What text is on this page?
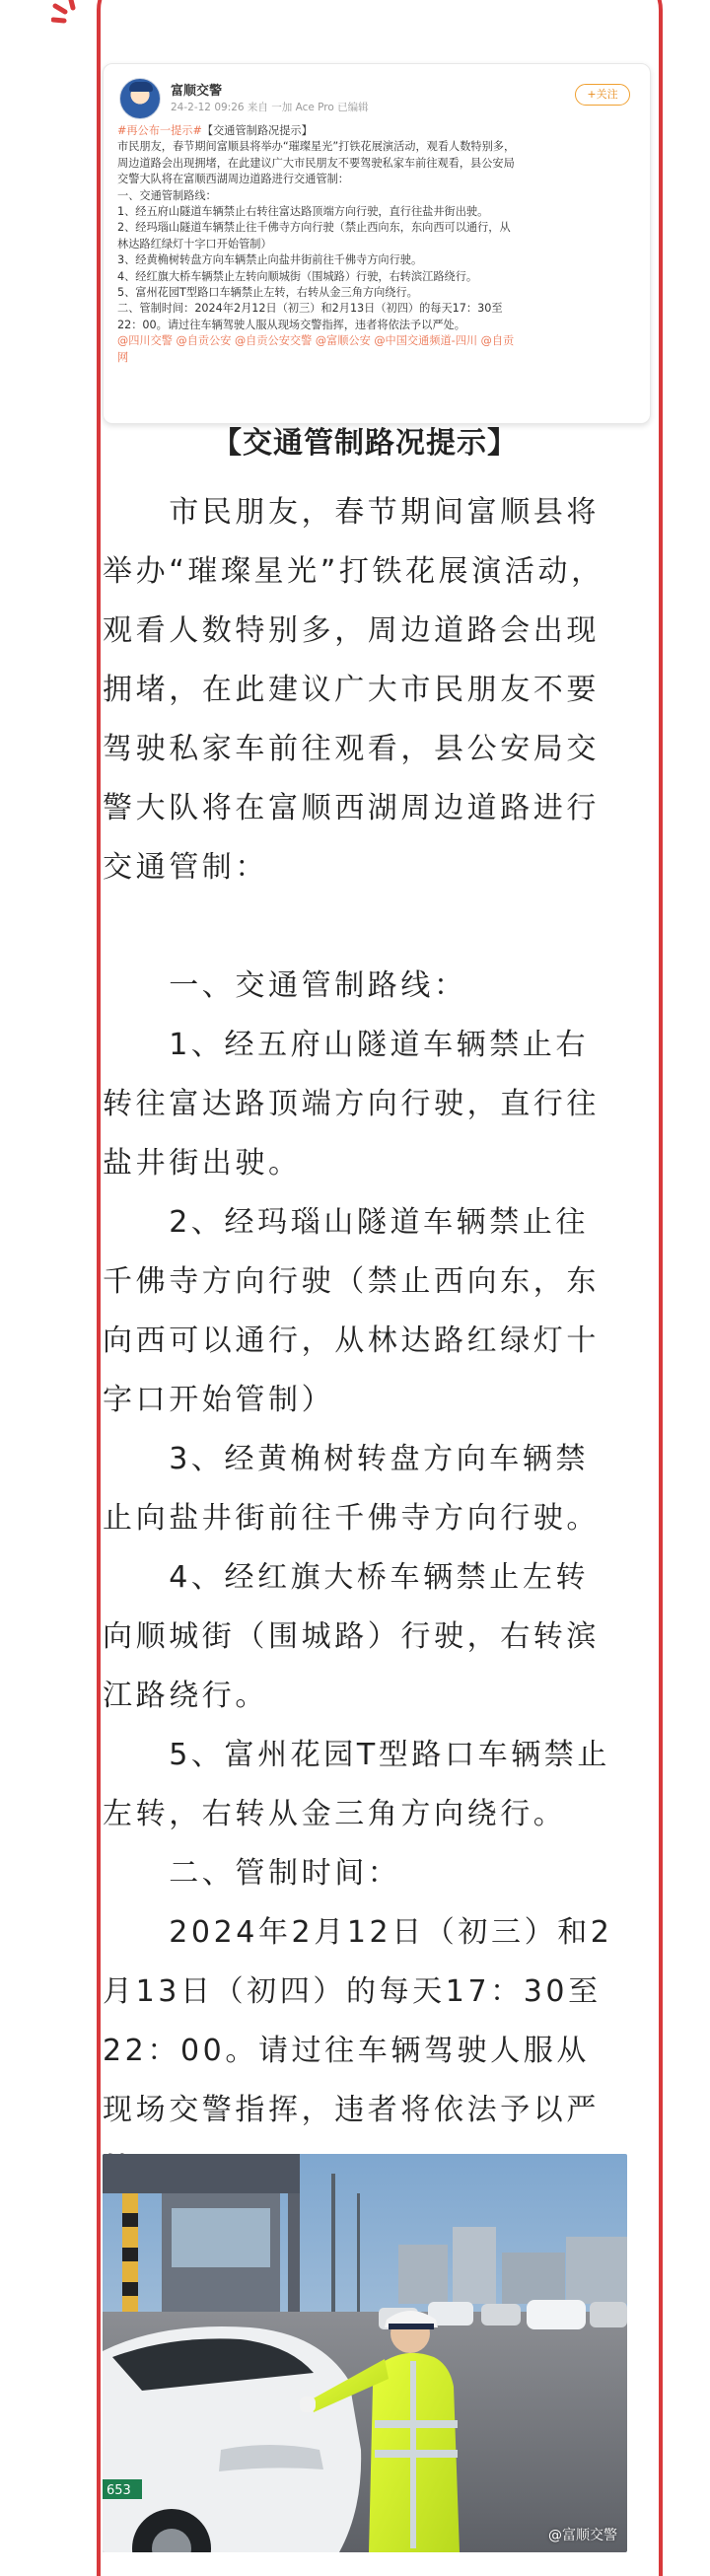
富顺交警
24-2-12 09:26 来自 一加 Ace Pro 已编辑
+关注
#再公布一提示#【交通管制路况提示】
市民朋友，春节期间富顺县将举办“璀璨星光”打铁花展演活动，观看人数特别多，
周边道路会出现拥堵，在此建议广大市民朋友不要驾驶私家车前往观看，县公安局
交警大队将在富顺西湖周边道路进行交通管制：
一、交通管制路线：
1、经五府山隧道车辆禁止右转往富达路顶端方向行驶，直行往盐井街出驶。
2、经玛瑙山隧道车辆禁止往千佛寺方向行驶（禁止西向东，东向西可以通行，从
林达路红绿灯十字口开始管制）
3、经黄桷树转盘方向车辆禁止向盐井街前往千佛寺方向行驶。
4、经红旗大桥车辆禁止左转向顺城街（围城路）行驶，右转滨江路绕行。
5、富州花园T型路口车辆禁止左转，右转从金三角方向绕行。
二、管制时间：2024年2月12日（初三）和2月13日（初四）的每天17：30至
22：00。请过往车辆驾驶人服从现场交警指挥，违者将依法予以严处。
@四川交警 @自贡公安 @自贡公安交警 @富顺公安 @中国交通频道-四川 @自贡
网
【交通管制路况提示】
　　市民朋友，春节期间富顺县将
举办“璀璨星光”打铁花展演活动，
观看人数特别多，周边道路会出现
拥堵，在此建议广大市民朋友不要
驾驶私家车前往观看，县公安局交
警大队将在富顺西湖周边道路进行
交通管制：
　　一、交通管制路线：
　　1、经五府山隧道车辆禁止右
转往富达路顶端方向行驶，直行往
盐井街出驶。
　　2、经玛瑙山隧道车辆禁止往
千佛寺方向行驶（禁止西向东，东
向西可以通行，从林达路红绿灯十
字口开始管制）
　　3、经黄桷树转盘方向车辆禁
止向盐井街前往千佛寺方向行驶。
　　4、经红旗大桥车辆禁止左转
向顺城街（围城路）行驶，右转滨
江路绕行。
　　5、富州花园T型路口车辆禁止
左转，右转从金三角方向绕行。
　　二、管制时间：
　　2024年2月12日（初三）和2
月13日（初四）的每天17：30至
22：00。请过往车辆驾驶人服从
现场交警指挥，违者将依法予以严
653
@富顺交警
